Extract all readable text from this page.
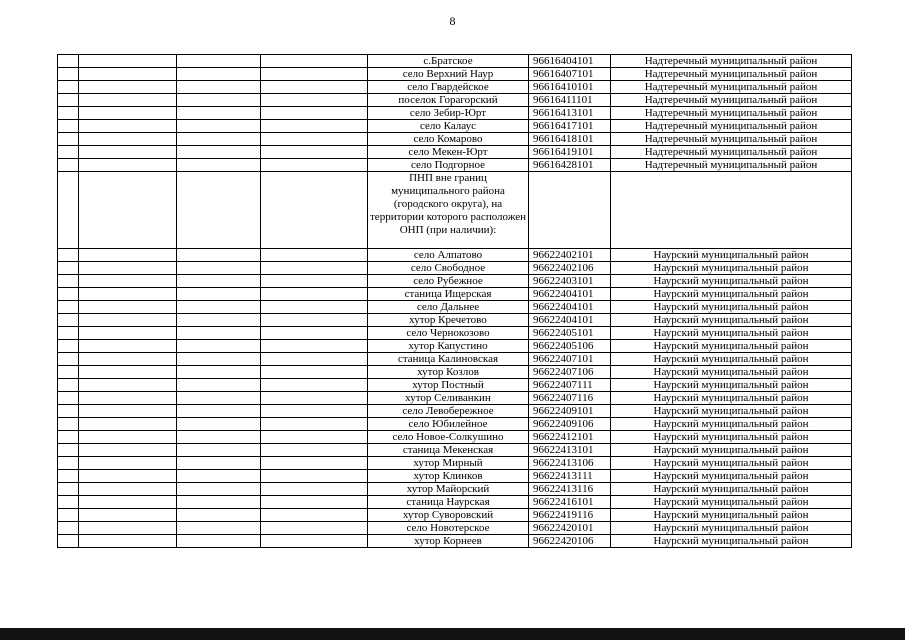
8
				с.Братское	96616404101	Надтеречный муниципальный район
				село Верхний Наур	96616407101	Надтеречный муниципальный район
				село Гвардейское	96616410101	Надтеречный муниципальный район
				поселок Горагорский	96616411101	Надтеречный муниципальный район
				село Зебир-Юрт	96616413101	Надтеречный муниципальный район
				село Калаус	96616417101	Надтеречный муниципальный район
				село Комарово	96616418101	Надтеречный муниципальный район
				село Мекен-Юрт	96616419101	Надтеречный муниципальный район
				село Подгорное	96616428101	Надтеречный муниципальный район
				ПНП вне границ муниципального района (городского округа), на территории которого расположен ОНП (при наличии):		
				село Алпатово	96622402101	Наурский муниципальный район
				село Свободное	96622402106	Наурский муниципальный район
				село Рубежное	96622403101	Наурский муниципальный район
				станица Ищерская	96622404101	Наурский муниципальный район
				село Дальнее	96622404101	Наурский муниципальный район
				хутор Кречетово	96622404101	Наурский муниципальный район
				село Чернокозово	96622405101	Наурский муниципальный район
				хутор Капустино	96622405106	Наурский муниципальный район
				станица Калиновская	96622407101	Наурский муниципальный район
				хутор Козлов	96622407106	Наурский муниципальный район
				хутор Постный	96622407111	Наурский муниципальный район
				хутор Селиванкин	96622407116	Наурский муниципальный район
				село Левобережное	96622409101	Наурский муниципальный район
				село Юбилейное	96622409106	Наурский муниципальный район
				село Новое-Солкушино	96622412101	Наурский муниципальный район
				станица Мекенская	96622413101	Наурский муниципальный район
				хутор Мирный	96622413106	Наурский муниципальный район
				хутор Клинков	96622413111	Наурский муниципальный район
				хутор Майорский	96622413116	Наурский муниципальный район
				станица Наурская	96622416101	Наурский муниципальный район
				хутор Суворовский	96622419116	Наурский муниципальный район
				село Новотерское	96622420101	Наурский муниципальный район
				хутор Корнеев	96622420106	Наурский муниципальный район
